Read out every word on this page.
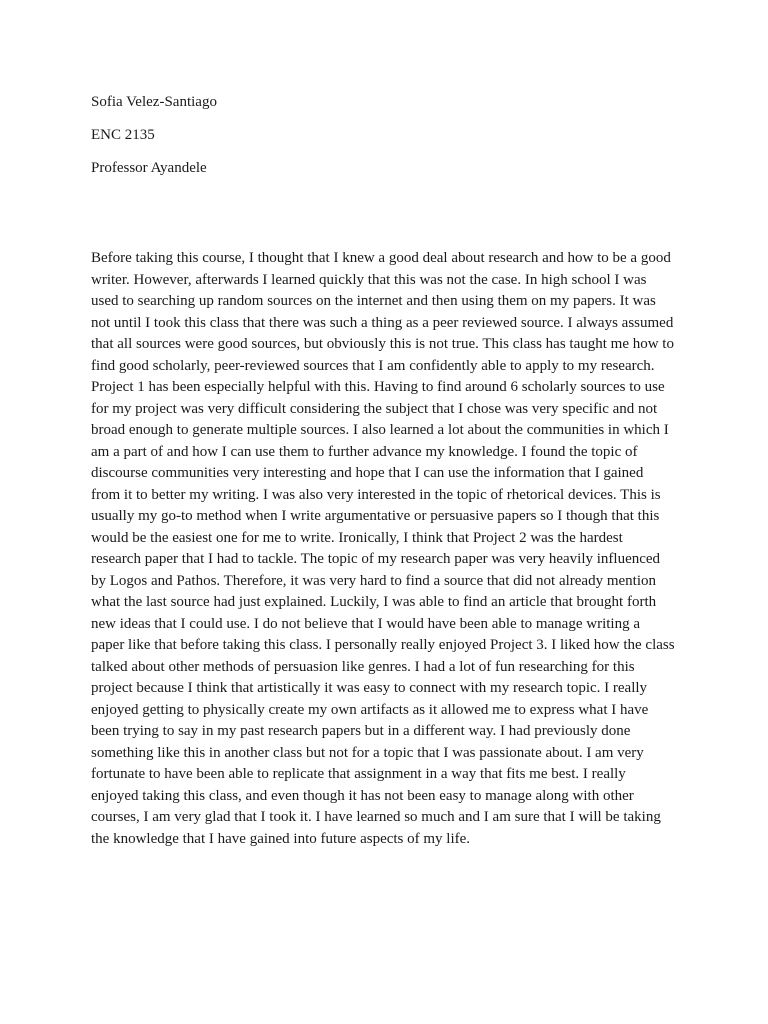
Sofia Velez-Santiago
ENC 2135
Professor Ayandele
Before taking this course, I thought that I knew a good deal about research and how to be a good
writer. However, afterwards I learned quickly that this was not the case. In high school I was
used to searching up random sources on the internet and then using them on my papers. It was
not until I took this class that there was such a thing as a peer reviewed source. I always assumed
that all sources were good sources, but obviously this is not true. This class has taught me how to
find good scholarly, peer-reviewed sources that I am confidently able to apply to my research.
Project 1 has been especially helpful with this. Having to find around 6 scholarly sources to use
for my project was very difficult considering the subject that I chose was very specific and not
broad enough to generate multiple sources. I also learned a lot about the communities in which I
am a part of and how I can use them to further advance my knowledge. I found the topic of
discourse communities very interesting and hope that I can use the information that I gained
from it to better my writing. I was also very interested in the topic of rhetorical devices. This is
usually my go-to method when I write argumentative or persuasive papers so I though that this
would be the easiest one for me to write. Ironically, I think that Project 2 was the hardest
research paper that I had to tackle. The topic of my research paper was very heavily influenced
by Logos and Pathos. Therefore, it was very hard to find a source that did not already mention
what the last source had just explained. Luckily, I was able to find an article that brought forth
new ideas that I could use. I do not believe that I would have been able to manage writing a
paper like that before taking this class. I personally really enjoyed Project 3. I liked how the class
talked about other methods of persuasion like genres. I had a lot of fun researching for this
project because I think that artistically it was easy to connect with my research topic. I really
enjoyed getting to physically create my own artifacts as it allowed me to express what I have
been trying to say in my past research papers but in a different way. I had previously done
something like this in another class but not for a topic that I was passionate about. I am very
fortunate to have been able to replicate that assignment in a way that fits me best. I really
enjoyed taking this class, and even though it has not been easy to manage along with other
courses, I am very glad that I took it. I have learned so much and I am sure that I will be taking
the knowledge that I have gained into future aspects of my life.
